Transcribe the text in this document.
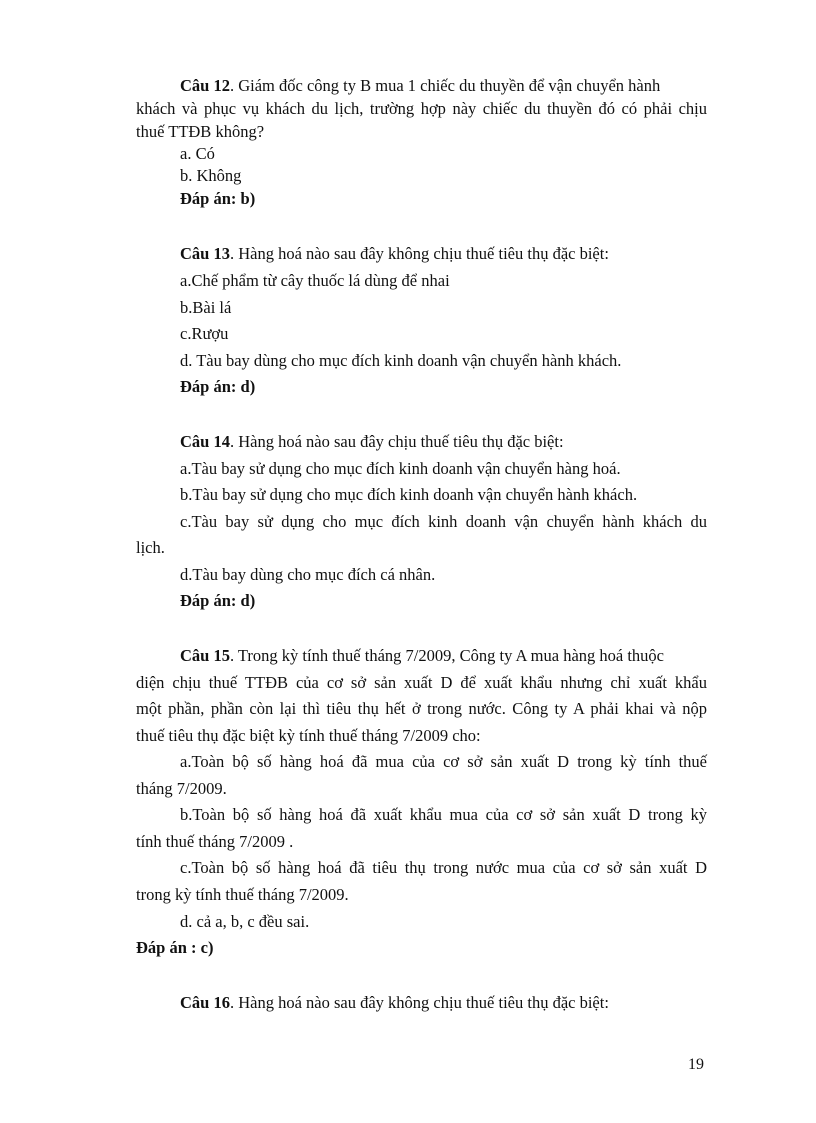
Câu 12. Giám đốc công ty B mua 1 chiếc du thuyền để vận chuyển hành
khách và phục vụ khách du lịch, trường hợp này chiếc du thuyền đó có phải chịu
thuế TTĐB không?
a. Có
b. Không
Đáp án: b)
Câu 13. Hàng hoá nào sau đây không chịu thuế tiêu thụ đặc biệt:
a.Chế phẩm từ cây thuốc lá dùng để nhai
b.Bài lá
c.Rượu
d. Tàu bay dùng cho mục đích kinh doanh vận chuyển hành khách.
Đáp án: d)
Câu 14. Hàng hoá nào sau đây chịu thuế tiêu thụ đặc biệt:
a.Tàu bay sử dụng cho mục đích kinh doanh vận chuyển hàng hoá.
b.Tàu bay sử dụng cho mục đích kinh doanh vận chuyển hành khách.
c.Tàu bay sử dụng cho mục đích kinh doanh vận chuyển hành khách du
lịch.
d.Tàu bay dùng cho mục đích cá nhân.
Đáp án: d)
Câu 15. Trong kỳ tính thuế tháng 7/2009, Công ty A mua hàng hoá thuộc
diện chịu thuế TTĐB của cơ sở sản xuất D để xuất khẩu nhưng chỉ xuất khẩu
một phần, phần còn lại thì tiêu thụ hết ở trong nước. Công ty A phải khai và nộp
thuế tiêu thụ đặc biệt kỳ tính thuế tháng 7/2009 cho:
a.Toàn bộ số hàng hoá đã mua của cơ sở sản xuất D trong kỳ tính thuế
tháng 7/2009.
b.Toàn bộ số hàng hoá đã xuất khẩu mua của cơ sở sản xuất D trong kỳ
tính thuế tháng 7/2009 .
c.Toàn bộ số hàng hoá đã tiêu thụ trong nước mua của cơ sở sản xuất D
trong kỳ tính thuế tháng 7/2009.
d. cả a, b, c đều sai.
Đáp án : c)
Câu 16. Hàng hoá nào sau đây không chịu thuế tiêu thụ đặc biệt:
19
